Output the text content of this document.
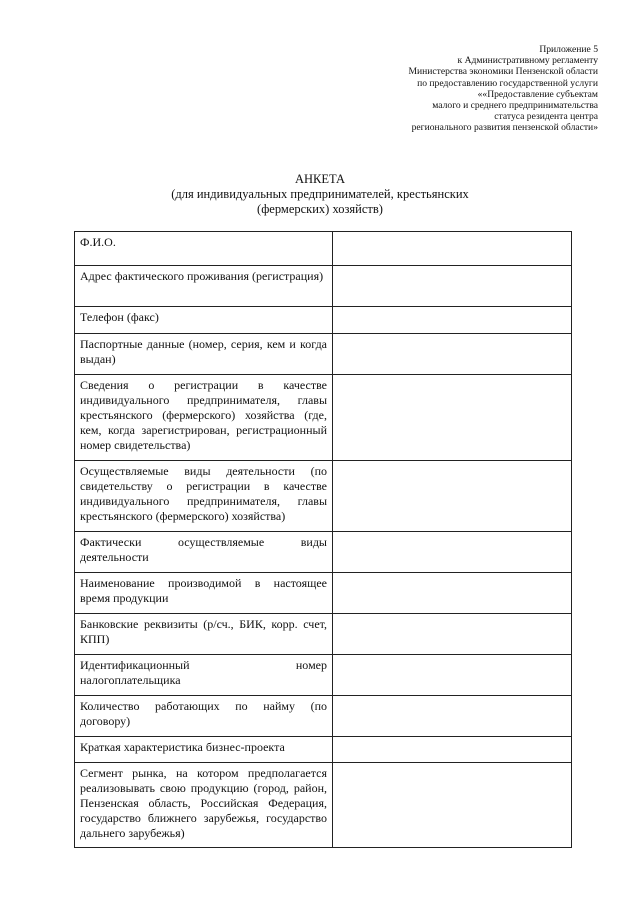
Приложение 5
к Административному регламенту
Министерства экономики Пензенской области
по предоставлению государственной услуги
««Предоставление субъектам
малого и среднего предпринимательства
статуса резидента центра
регионального развития пензенской области»
АНКЕТА
(для индивидуальных предпринимателей, крестьянских
(фермерских) хозяйств)
Ф.И.О.	
Адрес фактического проживания (регистрация)	
Телефон (факс)	
Паспортные данные (номер, серия, кем и когда выдан)	
Сведения о регистрации в качестве индивидуального предпринимателя, главы крестьянского (фермерского) хозяйства (где, кем, когда зарегистрирован, регистрационный номер свидетельства)	
Осуществляемые виды деятельности (по свидетельству о регистрации в качестве индивидуального предпринимателя, главы крестьянского (фермерского) хозяйства)	
Фактически осуществляемые виды деятельности	
Наименование производимой в настоящее время продукции	
Банковские реквизиты (р/сч., БИК, корр. счет, КПП)	
Идентификационный номер налогоплательщика	
Количество работающих по найму (по договору)	
Краткая характеристика бизнес-проекта	
Сегмент рынка, на котором предполагается реализовывать свою продукцию (город, район, Пензенская область, Российская Федерация, государство ближнего зарубежья, государство дальнего зарубежья)	
